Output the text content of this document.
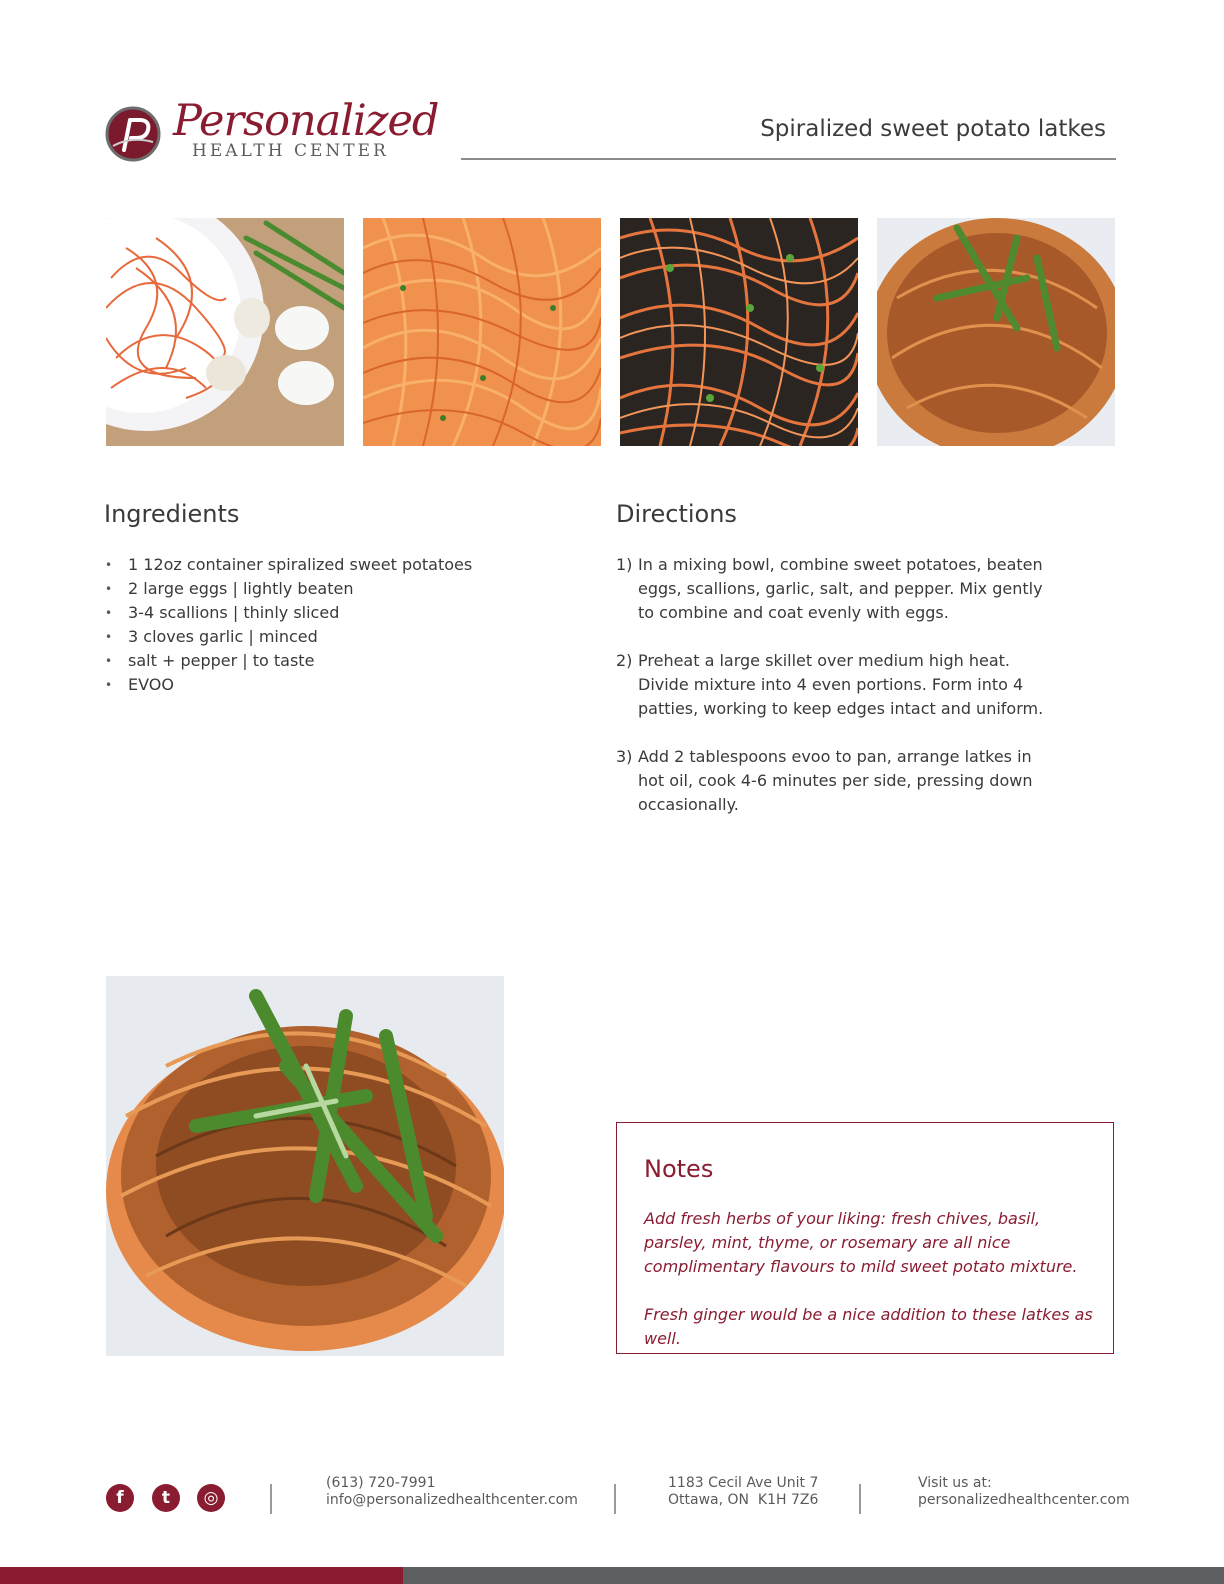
Personalized
HEALTH CENTER
Spiralized sweet potato latkes
Ingredients
• 1 12oz container spiralized sweet potatoes
• 2 large eggs | lightly beaten
• 3-4 scallions | thinly sliced
• 3 cloves garlic | minced
• salt + pepper | to taste
• EVOO
Directions
1) In a mixing bowl, combine sweet potatoes, beaten eggs, scallions, garlic, salt, and pepper. Mix gently to combine and coat evenly with eggs.
2) Preheat a large skillet over medium high heat. Divide mixture into 4 even portions. Form into 4 patties, working to keep edges intact and uniform.
3) Add 2 tablespoons evoo to pan, arrange latkes in hot oil, cook 4-6 minutes per side, pressing down occasionally.
Notes

Add fresh herbs of your liking: fresh chives, basil, parsley, mint, thyme, or rosemary are all nice complimentary flavours to mild sweet potato mixture.

Fresh ginger would be a nice addition to these latkes as well.

f	t	◎
(613) 720-7991
info@personalizedhealthcenter.com
1183 Cecil Ave Unit 7
Ottawa, ON  K1H 7Z6
Visit us at:
personalizedhealthcenter.com
